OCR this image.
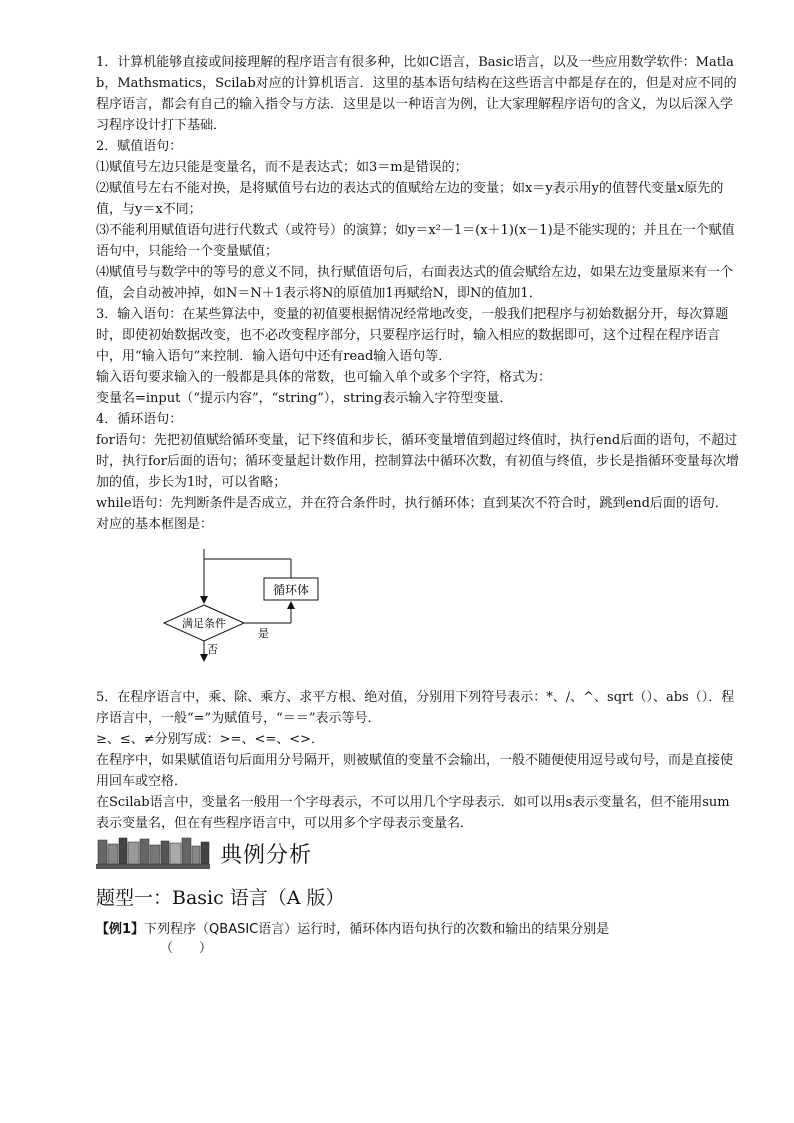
1．计算机能够直接或间接理解的程序语言有很多种，比如C语言，Basic语言，以及一些应用数学软件：Matlab，Mathsmatics，Scilab对应的计算机语言．这里的基本语句结构在这些语言中都是存在的，但是对应不同的程序语言，都会有自己的输入指令与方法．这里是以一种语言为例，让大家理解程序语句的含义，为以后深入学习程序设计打下基础．

2．赋值语句：

⑴赋值号左边只能是变量名，而不是表达式；如3＝m是错误的；

⑵赋值号左右不能对换，是将赋值号右边的表达式的值赋给左边的变量；如x＝y表示用y的值替代变量x原先的值，与y＝x不同；

⑶不能利用赋值语句进行代数式（或符号）的演算；如y＝x²－1＝(x＋1)(x－1)是不能实现的；并且在一个赋值语句中，只能给一个变量赋值；

⑷赋值号与数学中的等号的意义不同，执行赋值语句后，右面表达式的值会赋给左边，如果左边变量原来有一个值，会自动被冲掉，如N＝N＋1表示将N的原值加1再赋给N，即N的值加1．

3．输入语句：在某些算法中，变量的初值要根据情况经常地改变，一般我们把程序与初始数据分开，每次算题时，即使初始数据改变，也不必改变程序部分，只要程序运行时，输入相应的数据即可，这个过程在程序语言中，用“输入语句”来控制．输入语句中还有read输入语句等．

输入语句要求输入的一般都是具体的常数，也可输入单个或多个字符，格式为：

变量名=input（“提示内容”，“string”），string表示输入字符型变量．

4．循环语句：

for语句：先把初值赋给循环变量，记下终值和步长，循环变量增值到超过终值时，执行end后面的语句，不超过时，执行for后面的语句；循环变量起计数作用，控制算法中循环次数，有初值与终值，步长是指循环变量每次增加的值，步长为1时，可以省略；

while语句：先判断条件是否成立，并在符合条件时，执行循环体；直到某次不符合时，跳到end后面的语句．

对应的基本框图是：

循环体
满足条件
是
否

5．在程序语言中，乘、除、乘方、求平方根、绝对值，分别用下列符号表示：*、/、^、sqrt（）、abs（）．程序语言中，一般“=”为赋值号，“＝＝”表示等号．

≥、≤、≠分别写成：>=、<=、<>．

在程序中，如果赋值语句后面用分号隔开，则被赋值的变量不会输出，一般不随便使用逗号或句号，而是直接使用回车或空格．

在Scilab语言中，变量名一般用一个字母表示，不可以用几个字母表示．如可以用s表示变量名，但不能用sum表示变量名，但在有些程序语言中，可以用多个字母表示变量名．

典例分析
题型一：Basic 语言（A 版）
【例1】下列程序（QBASIC语言）运行时，循环体内语句执行的次数和输出的结果分别是
（　　）
